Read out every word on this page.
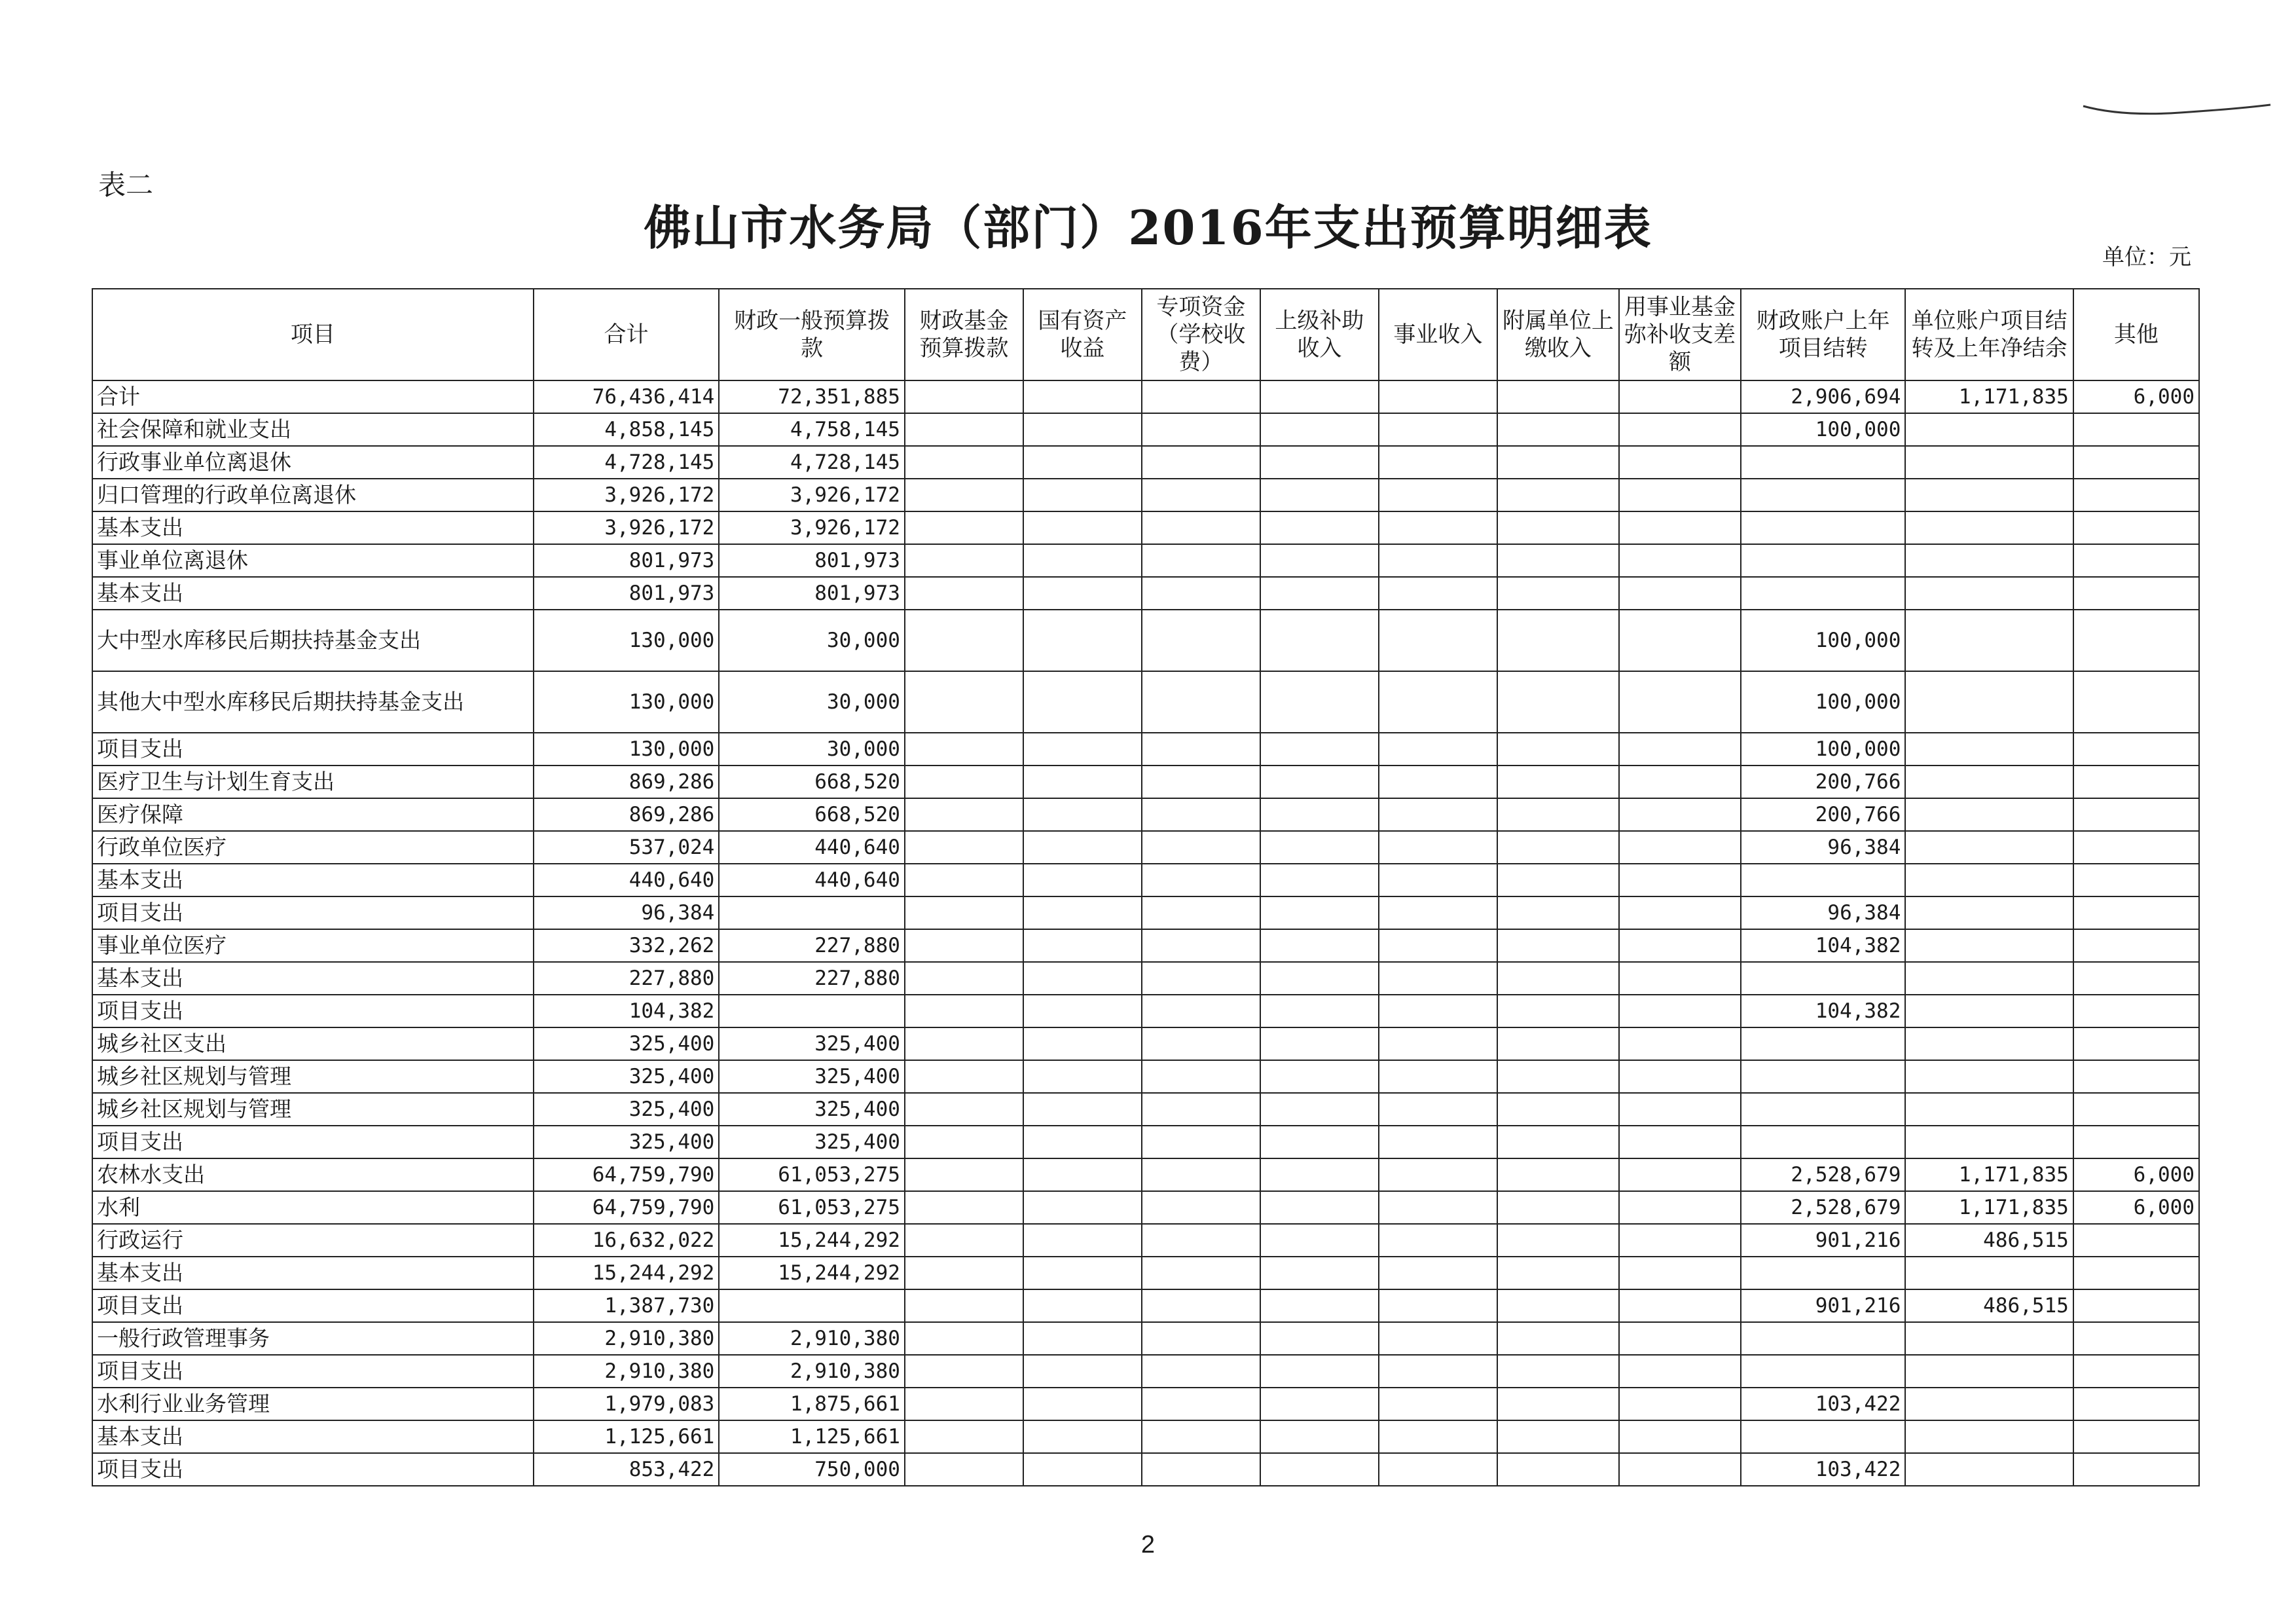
表二
佛山市水务局（部门）2016年支出预算明细表
单位：元
项目	合计	财政一般预算拨款	财政基金预算拨款	国有资产收益	专项资金（学校收费）	上级补助收入	事业收入	附属单位上缴收入	用事业基金弥补收支差额	财政账户上年项目结转	单位账户项目结转及上年净结余	其他
合计	76,436,414	72,351,885								2,906,694	1,171,835	6,000
社会保障和就业支出	4,858,145	4,758,145								100,000		
行政事业单位离退休	4,728,145	4,728,145										
归口管理的行政单位离退休	3,926,172	3,926,172										
基本支出	3,926,172	3,926,172										
事业单位离退休	801,973	801,973										
基本支出	801,973	801,973										
大中型水库移民后期扶持基金支出	130,000	30,000								100,000		
其他大中型水库移民后期扶持基金支出	130,000	30,000								100,000		
项目支出	130,000	30,000								100,000		
医疗卫生与计划生育支出	869,286	668,520								200,766		
医疗保障	869,286	668,520								200,766		
行政单位医疗	537,024	440,640								96,384		
基本支出	440,640	440,640										
项目支出	96,384									96,384		
事业单位医疗	332,262	227,880								104,382		
基本支出	227,880	227,880										
项目支出	104,382									104,382		
城乡社区支出	325,400	325,400										
城乡社区规划与管理	325,400	325,400										
城乡社区规划与管理	325,400	325,400										
项目支出	325,400	325,400										
农林水支出	64,759,790	61,053,275								2,528,679	1,171,835	6,000
水利	64,759,790	61,053,275								2,528,679	1,171,835	6,000
行政运行	16,632,022	15,244,292								901,216	486,515	
基本支出	15,244,292	15,244,292										
项目支出	1,387,730									901,216	486,515	
一般行政管理事务	2,910,380	2,910,380										
项目支出	2,910,380	2,910,380										
水利行业业务管理	1,979,083	1,875,661								103,422		
基本支出	1,125,661	1,125,661										
项目支出	853,422	750,000								103,422		
2
